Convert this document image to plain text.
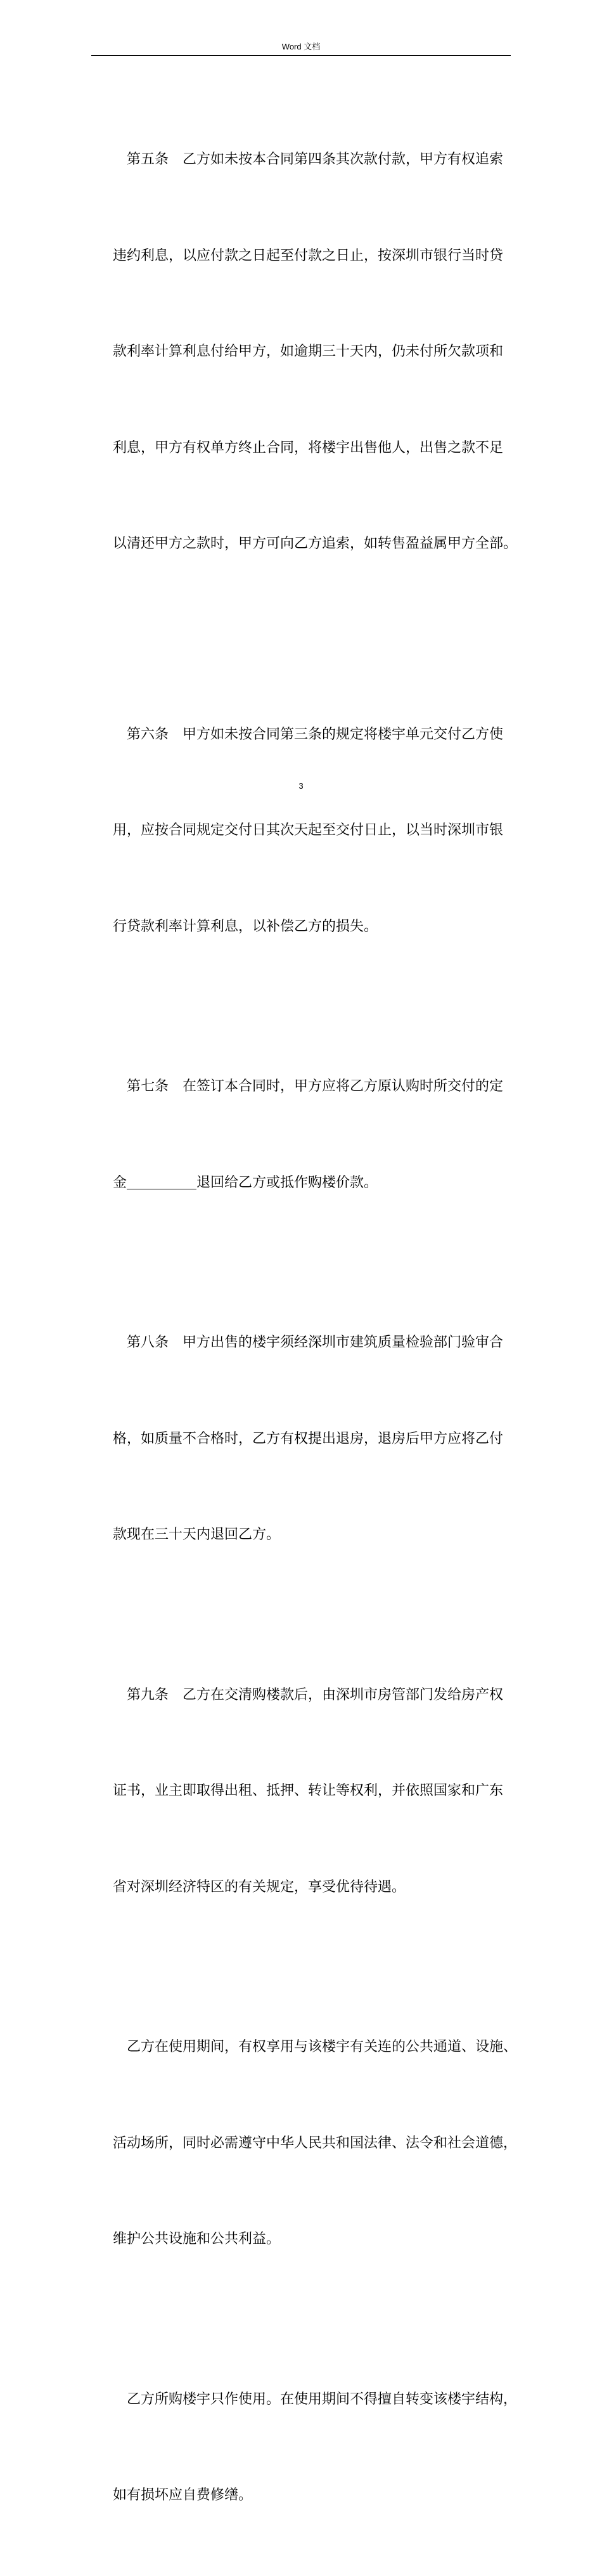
Word 文档

第五条　乙方如未按本合同第四条其次款付款，甲方有权追索

违约利息，以应付款之日起至付款之日止，按深圳市银行当时贷

款利率计算利息付给甲方，如逾期三十天内，仍未付所欠款项和

利息，甲方有权单方终止合同，将楼宇出售他人，出售之款不足

以清还甲方之款时，甲方可向乙方追索，如转售盈益属甲方全部。

第六条　甲方如未按合同第三条的规定将楼宇单元交付乙方使

用，应按合同规定交付日其次天起至交付日止，以当时深圳市银

行贷款利率计算利息，以补偿乙方的损失。

第七条　在签订本合同时，甲方应将乙方原认购时所交付的定

金	退回给乙方或抵作购楼价款。

第八条　甲方出售的楼宇须经深圳市建筑质量检验部门验审合

格，如质量不合格时，乙方有权提出退房，退房后甲方应将乙付

款现在三十天内退回乙方。

第九条　乙方在交清购楼款后，由深圳市房管部门发给房产权

证书，业主即取得出租、抵押、转让等权利，并依照国家和广东

省对深圳经济特区的有关规定，享受优待待遇。

乙方在使用期间，有权享用与该楼宇有关连的公共通道、设施、

活动场所，同时必需遵守中华人民共和国法律、法令和社会道德，

维护公共设施和公共利益。

乙方所购楼宇只作使用。在使用期间不得擅自转变该楼宇结构，

如有损坏应自费修缮。

3
